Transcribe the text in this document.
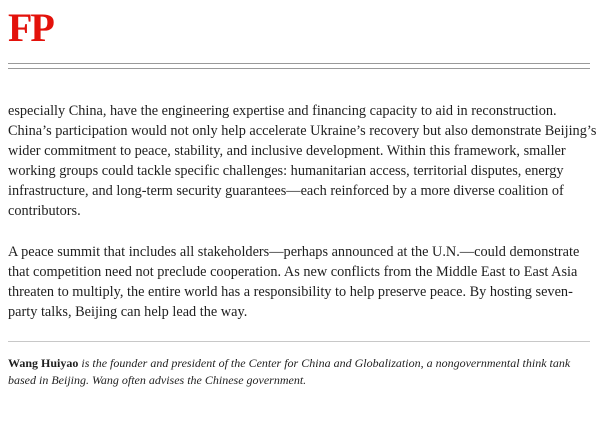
FP

especially China, have the engineering expertise and financing capacity to aid in reconstruction. China’s participation would not only help accelerate Ukraine’s recovery but also demonstrate Beijing’s wider commitment to peace, stability, and inclusive development. Within this framework, smaller working groups could tackle specific challenges: humanitarian access, territorial disputes, energy infrastructure, and long-term security guarantees—each reinforced by a more diverse coalition of contributors.

A peace summit that includes all stakeholders—perhaps announced at the U.N.—could demonstrate that competition need not preclude cooperation. As new conflicts from the Middle East to East Asia threaten to multiply, the entire world has a responsibility to help preserve peace. By hosting seven-party talks, Beijing can help lead the way.

Wang Huiyao is the founder and president of the Center for China and Globalization, a nongovernmental think tank based in Beijing. Wang often advises the Chinese government.
